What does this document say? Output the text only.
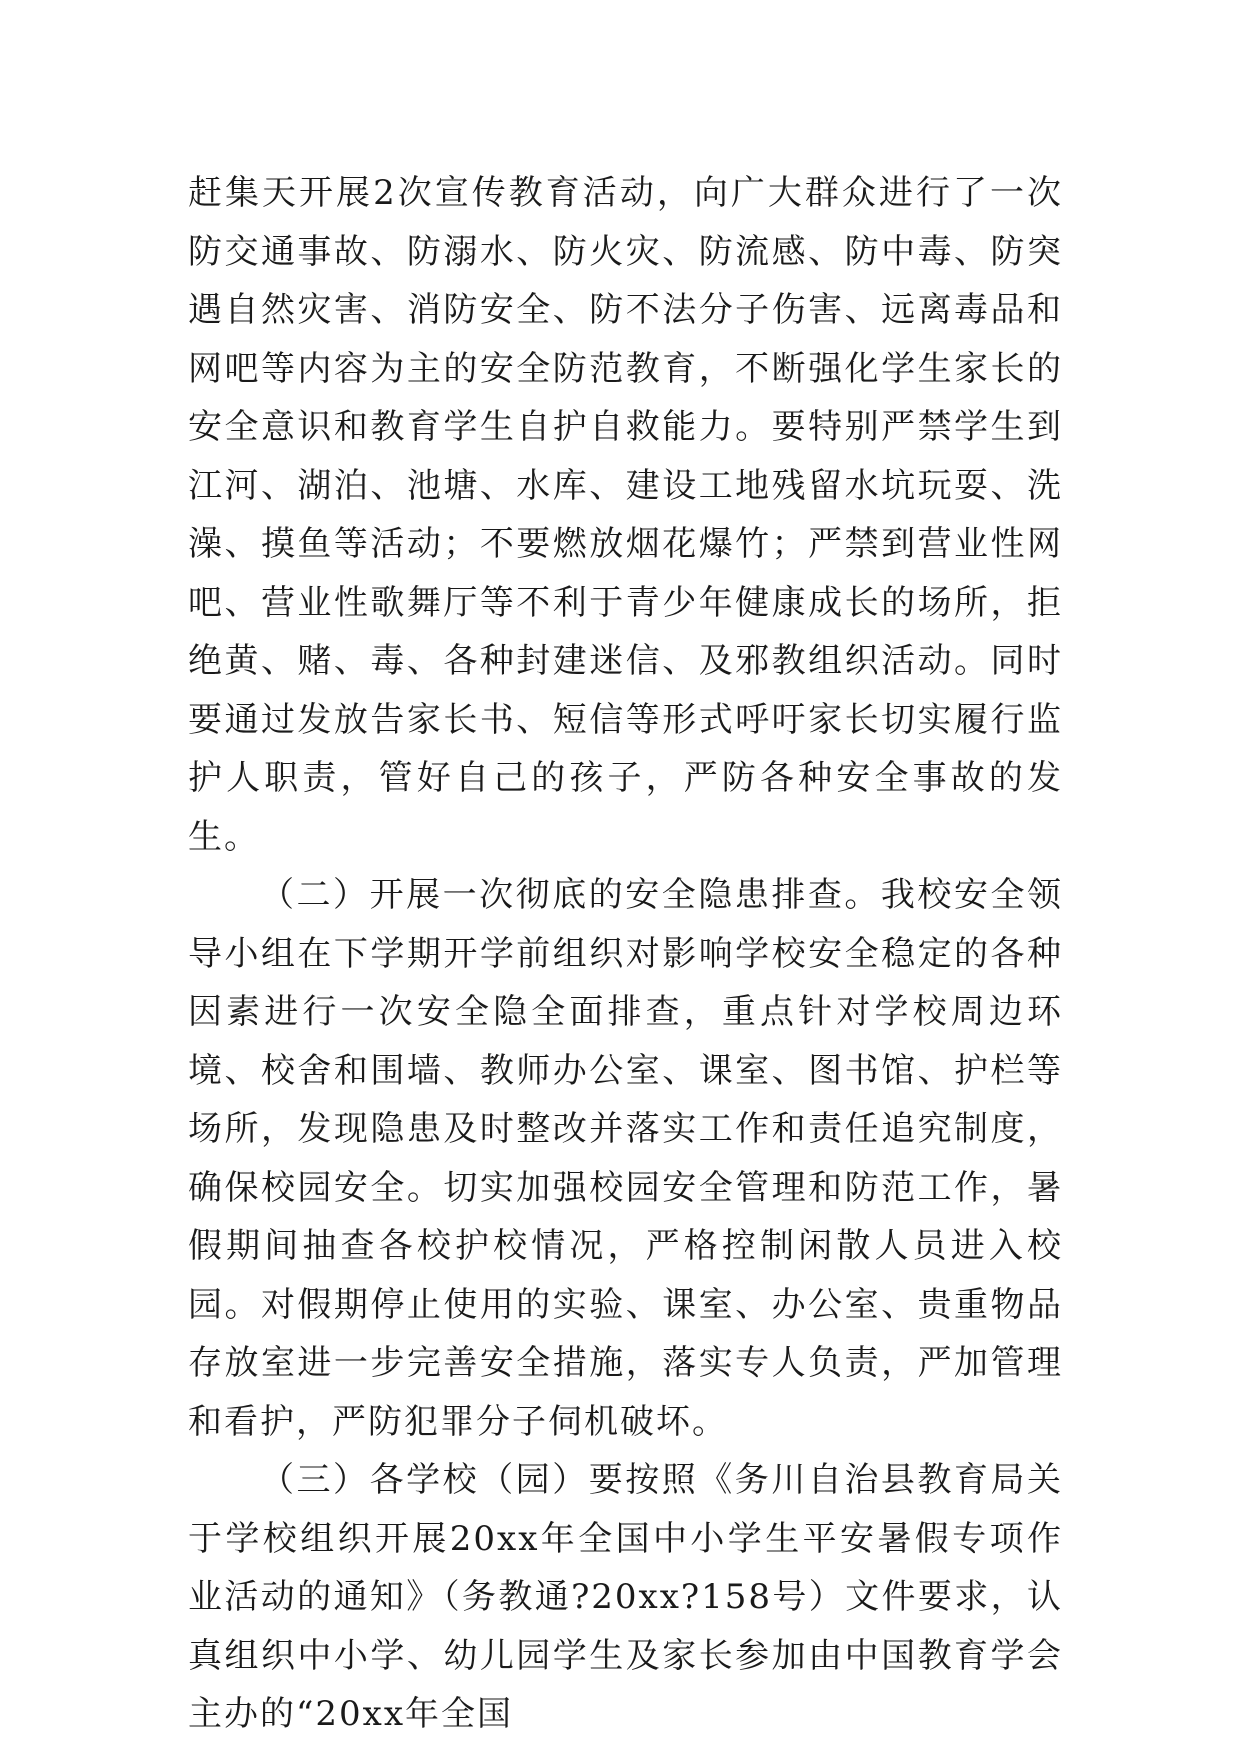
赶集天开展2次宣传教育活动，向广大群众进行了一次防交通事故、防溺水、防火灾、防流感、防中毒、防突遇自然灾害、消防安全、防不法分子伤害、远离毒品和网吧等内容为主的安全防范教育，不断强化学生家长的安全意识和教育学生自护自救能力。要特别严禁学生到江河、湖泊、池塘、水库、建设工地残留水坑玩耍、洗澡、摸鱼等活动；不要燃放烟花爆竹；严禁到营业性网吧、营业性歌舞厅等不利于青少年健康成长的场所，拒绝黄、赌、毒、各种封建迷信、及邪教组织活动。同时要通过发放告家长书、短信等形式呼吁家长切实履行监护人职责，管好自己的孩子，严防各种安全事故的发生。

（二）开展一次彻底的安全隐患排查。我校安全领导小组在下学期开学前组织对影响学校安全稳定的各种因素进行一次安全隐全面排查，重点针对学校周边环境、校舍和围墙、教师办公室、课室、图书馆、护栏等场所，发现隐患及时整改并落实工作和责任追究制度，确保校园安全。切实加强校园安全管理和防范工作，暑假期间抽查各校护校情况，严格控制闲散人员进入校园。对假期停止使用的实验、课室、办公室、贵重物品存放室进一步完善安全措施，落实专人负责，严加管理和看护，严防犯罪分子伺机破坏。

（三）各学校（园）要按照《务川自治县教育局关于学校组织开展20xx年全国中小学生平安暑假专项作业活动的通知》（务教通?20xx?158号）文件要求，认真组织中小学、幼儿园学生及家长参加由中国教育学会主办的“20xx年全国
